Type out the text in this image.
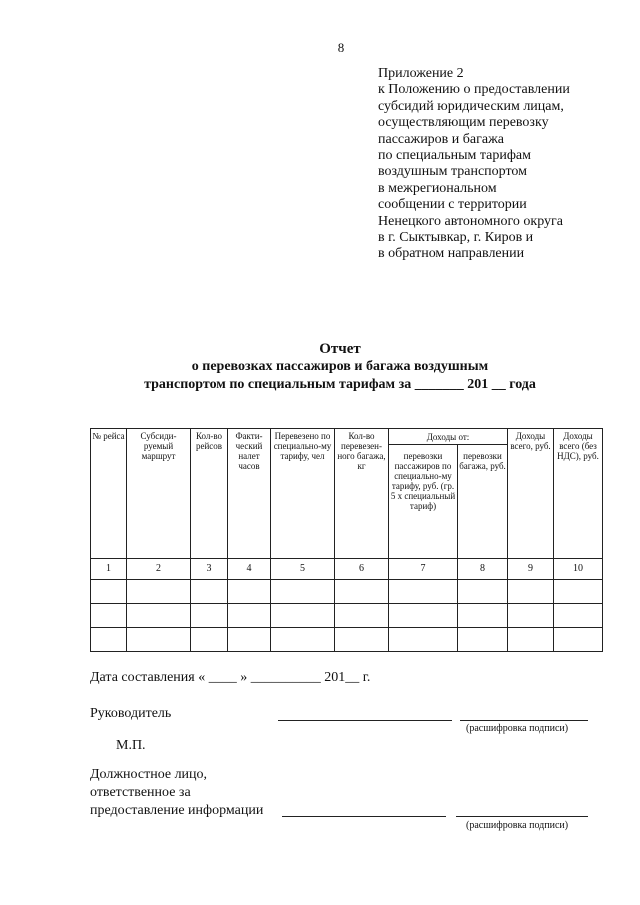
8
Приложение 2
к Положению о предоставлении
субсидий юридическим лицам,
осуществляющим перевозку
пассажиров и багажа
по специальным тарифам
воздушным транспортом
в межрегиональном
сообщении с территории
Ненецкого автономного округа
в г. Сыктывкар, г. Киров и
в обратном направлении
Отчет
о перевозках пассажиров и багажа воздушным
транспортом по специальным тарифам за _______ 201 __ года
№ рейса	Субсиди-руемый маршрут	Кол-во рейсов	Факти-ческий налет часов	Перевезено по специально-му тарифу, чел	Кол-во перевезен-ного багажа, кг	Доходы от:		Доходы всего, руб.	Доходы всего (без НДС), руб.
						перевозки пассажиров по специально-му тарифу, руб. (гр. 5 х специальный тариф)	перевозки багажа, руб.		
1	2	3	4	5	6	7	8	9	10

Дата составления « ____ » __________ 201__ г.
Руководитель
(расшифровка подписи)
М.П.
Должностное лицо,
ответственное за
предоставление информации
(расшифровка подписи)
